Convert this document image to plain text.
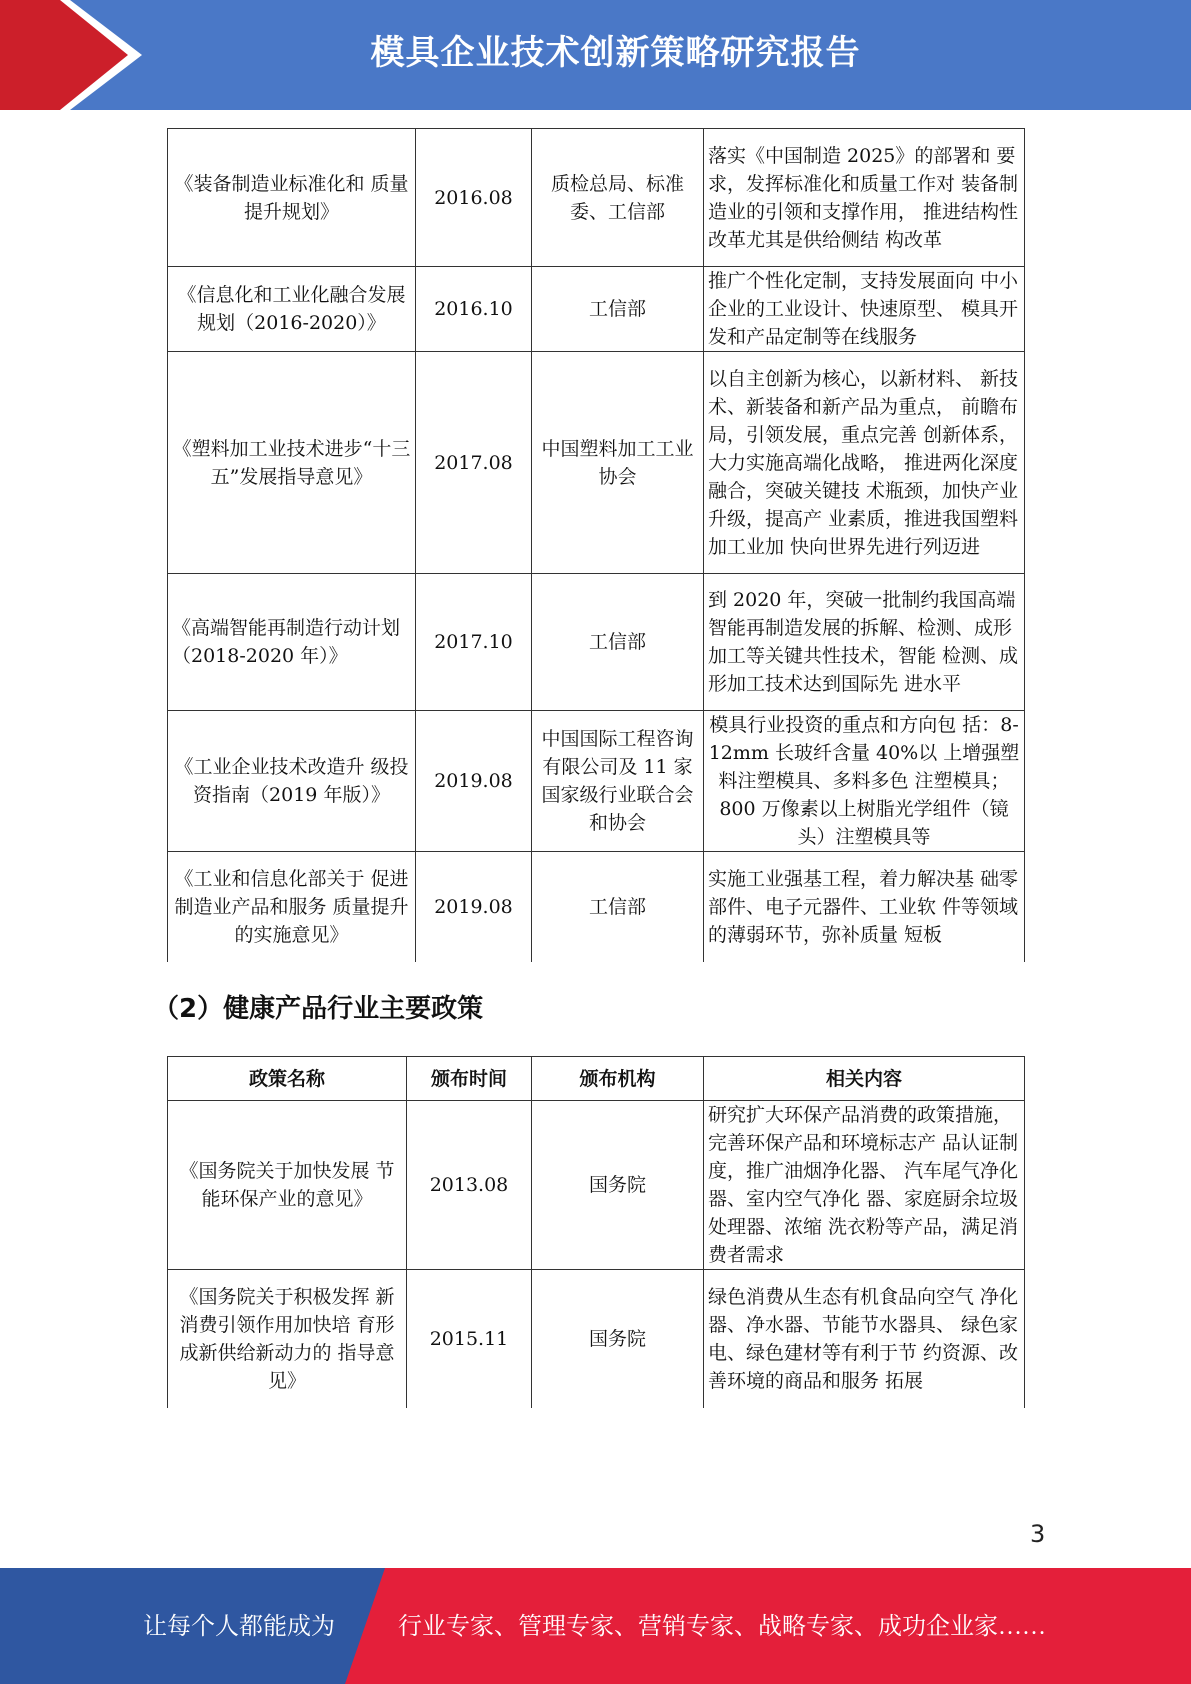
模具企业技术创新策略研究报告
《装备制造业标准化和 质量提升规划》	2016.08	质检总局、标准委、工信部	落实《中国制造 2025》的部署和 要求，发挥标准化和质量工作对 装备制造业的引领和支撑作用， 推进结构性改革尤其是供给侧结 构改革
《信息化和工业化融合发展规划（2016-2020）》	2016.10	工信部	推广个性化定制，支持发展面向 中小企业的工业设计、快速原型、 模具开发和产品定制等在线服务
《塑料加工业技术进步“十三五”发展指导意见》	2017.08	中国塑料加工工业协会	以自主创新为核心，以新材料、 新技术、新装备和新产品为重点， 前瞻布局，引领发展，重点完善 创新体系，大力实施高端化战略， 推进两化深度融合，突破关键技 术瓶颈，加快产业升级，提高产 业素质，推进我国塑料加工业加 快向世界先进行列迈进
《高端智能再制造行动计划（2018-2020 年）》	2017.10	工信部	到 2020 年，突破一批制约我国高端智能再制造发展的拆解、检测、成形加工等关键共性技术，智能 检测、成形加工技术达到国际先 进水平
《工业企业技术改造升 级投资指南（2019 年版）》	2019.08	中国国际工程咨询有限公司及 11 家国家级行业联合会和协会	模具行业投资的重点和方向包 括：8-12mm 长玻纤含量 40%以 上增强塑料注塑模具、多料多色 注塑模具；800 万像素以上树脂光学组件（镜头）注塑模具等
《工业和信息化部关于 促进制造业产品和服务 质量提升的实施意见》	2019.08	工信部	实施工业强基工程，着力解决基 础零部件、电子元器件、工业软 件等领域的薄弱环节，弥补质量 短板
（2）健康产品行业主要政策
政策名称	颁布时间	颁布机构	相关内容
《国务院关于加快发展 节能环保产业的意见》	2013.08	国务院	研究扩大环保产品消费的政策措施，完善环保产品和环境标志产 品认证制度，推广油烟净化器、 汽车尾气净化器、室内空气净化 器、家庭厨余垃圾处理器、浓缩 洗衣粉等产品，满足消费者需求
《国务院关于积极发挥 新消费引领作用加快培 育形成新供给新动力的 指导意见》	2015.11	国务院	绿色消费从生态有机食品向空气 净化器、净水器、节能节水器具、 绿色家电、绿色建材等有利于节 约资源、改善环境的商品和服务 拓展
3
让每个人都能成为	行业专家、管理专家、营销专家、战略专家、成功企业家……
